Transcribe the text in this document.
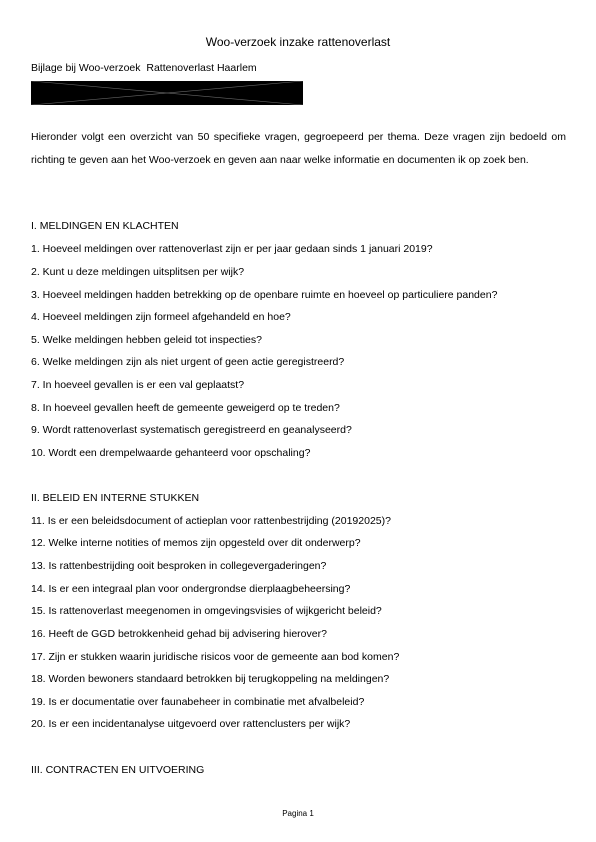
Woo-verzoek inzake rattenoverlast
Bijlage bij Woo-verzoek  Rattenoverlast Haarlem

Hieronder volgt een overzicht van 50 specifieke vragen, gegroepeerd per thema. Deze vragen zijn bedoeld om richting te geven aan het Woo-verzoek en geven aan naar welke informatie en documenten ik op zoek ben.

I. MELDINGEN EN KLACHTEN
1. Hoeveel meldingen over rattenoverlast zijn er per jaar gedaan sinds 1 januari 2019?
2. Kunt u deze meldingen uitsplitsen per wijk?
3. Hoeveel meldingen hadden betrekking op de openbare ruimte en hoeveel op particuliere panden?
4. Hoeveel meldingen zijn formeel afgehandeld en hoe?
5. Welke meldingen hebben geleid tot inspecties?
6. Welke meldingen zijn als niet urgent of geen actie geregistreerd?
7. In hoeveel gevallen is er een val geplaatst?
8. In hoeveel gevallen heeft de gemeente geweigerd op te treden?
9. Wordt rattenoverlast systematisch geregistreerd en geanalyseerd?
10. Wordt een drempelwaarde gehanteerd voor opschaling?
II. BELEID EN INTERNE STUKKEN
11. Is er een beleidsdocument of actieplan voor rattenbestrijding (20192025)?
12. Welke interne notities of memos zijn opgesteld over dit onderwerp?
13. Is rattenbestrijding ooit besproken in collegevergaderingen?
14. Is er een integraal plan voor ondergrondse dierplaagbeheersing?
15. Is rattenoverlast meegenomen in omgevingsvisies of wijkgericht beleid?
16. Heeft de GGD betrokkenheid gehad bij advisering hierover?
17. Zijn er stukken waarin juridische risicos voor de gemeente aan bod komen?
18. Worden bewoners standaard betrokken bij terugkoppeling na meldingen?
19. Is er documentatie over faunabeheer in combinatie met afvalbeleid?
20. Is er een incidentanalyse uitgevoerd over rattenclusters per wijk?
III. CONTRACTEN EN UITVOERING
Pagina 1
